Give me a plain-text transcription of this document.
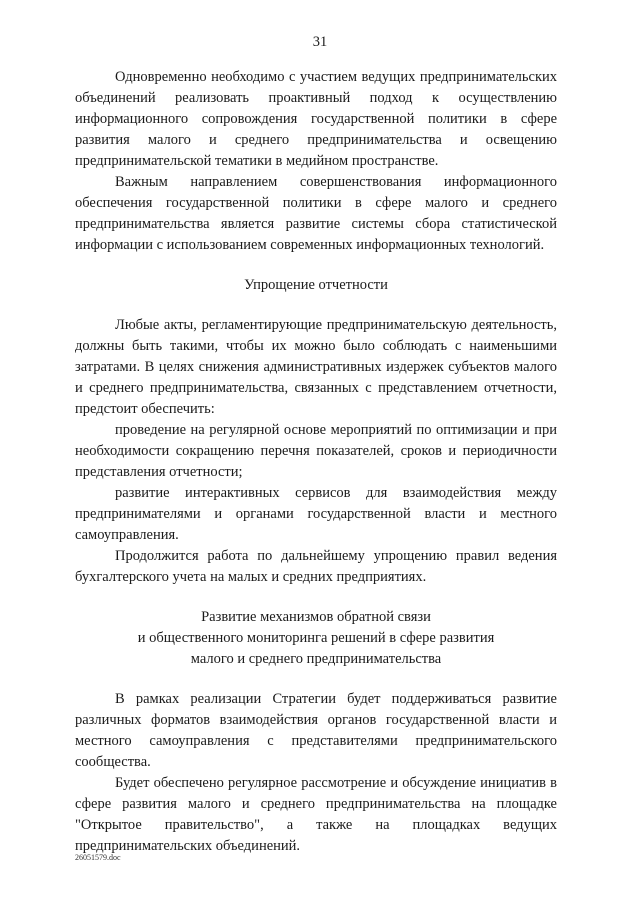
31

Одновременно необходимо с участием ведущих предпринимательских объединений реализовать проактивный подход к осуществлению информационного сопровождения государственной политики в сфере развития малого и среднего предпринимательства и освещению предпринимательской тематики в медийном пространстве.

Важным направлением совершенствования информационного обеспечения государственной политики в сфере малого и среднего предпринимательства является развитие системы сбора статистической информации с использованием современных информационных технологий.

Упрощение отчетности

Любые акты, регламентирующие предпринимательскую деятельность, должны быть такими, чтобы их можно было соблюдать с наименьшими затратами. В целях снижения административных издержек субъектов малого и среднего предпринимательства, связанных с представлением отчетности, предстоит обеспечить:

проведение на регулярной основе мероприятий по оптимизации и при необходимости сокращению перечня показателей, сроков и периодичности представления отчетности;

развитие интерактивных сервисов для взаимодействия между предпринимателями и органами государственной власти и местного самоуправления.

Продолжится работа по дальнейшему упрощению правил ведения бухгалтерского учета на малых и средних предприятиях.

Развитие механизмов обратной связи
и общественного мониторинга решений в сфере развития
малого и среднего предпринимательства

В рамках реализации Стратегии будет поддерживаться развитие различных форматов взаимодействия органов государственной власти и местного самоуправления с представителями предпринимательского сообщества.

Будет обеспечено регулярное рассмотрение и обсуждение инициатив в сфере развития малого и среднего предпринимательства на площадке "Открытое правительство", а также на площадках ведущих предпринимательских объединений.

26051579.doc
